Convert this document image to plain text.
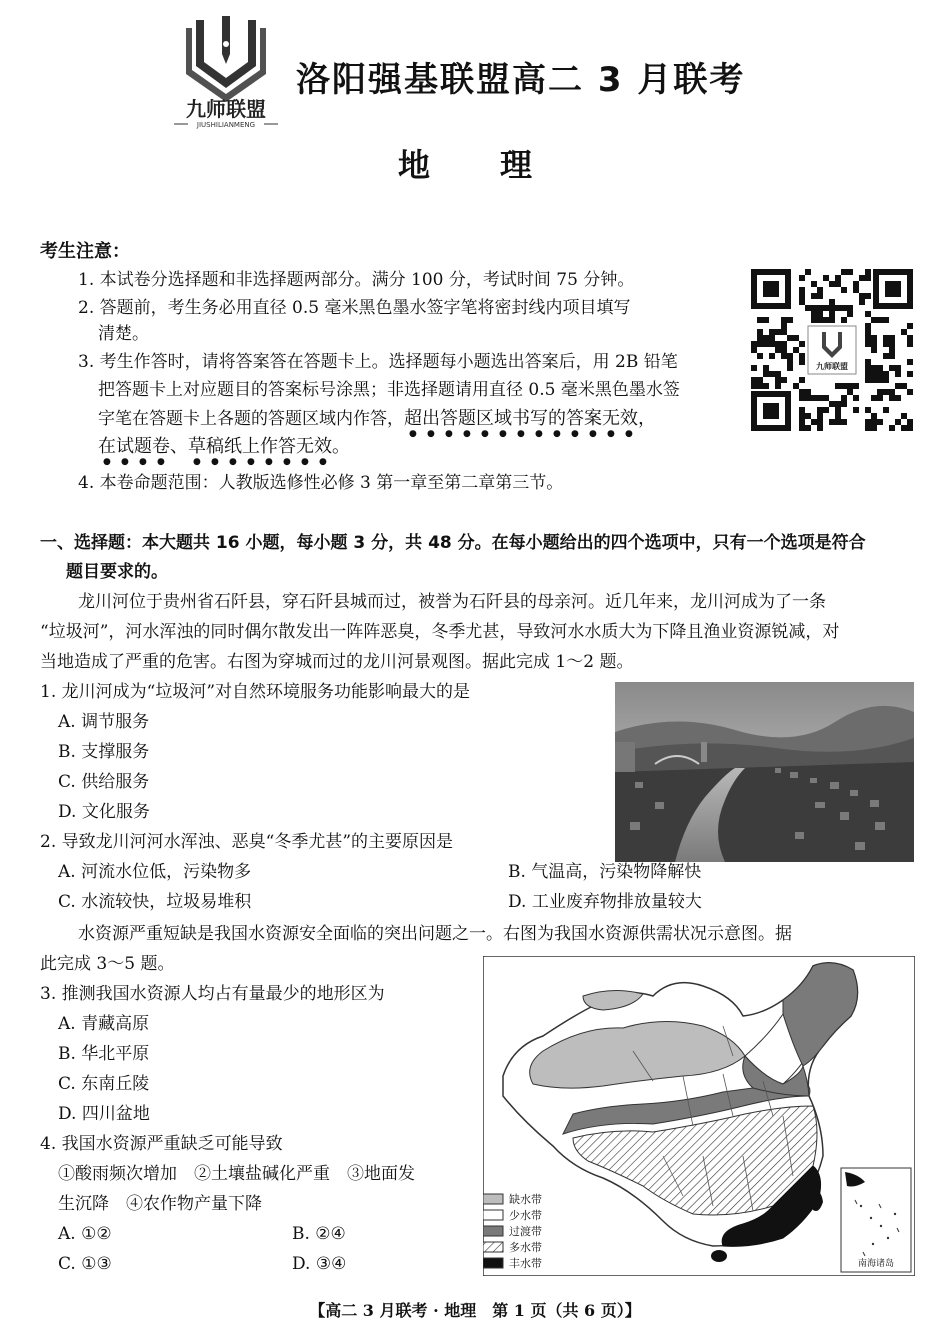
九师联盟
JIUSHILIANMENG
洛阳强基联盟高二 3 月联考
地　　理
考生注意：
1. 本试卷分选择题和非选择题两部分。满分 100 分，考试时间 75 分钟。
2. 答题前，考生务必用直径 0.5 毫米黑色墨水签字笔将密封线内项目填写
清楚。
3. 考生作答时，请将答案答在答题卡上。选择题每小题选出答案后，用 2B 铅笔
把答题卡上对应题目的答案标号涂黑；非选择题请用直径 0.5 毫米黑色墨水签
字笔在答题卡上各题的答题区域内作答，超出答题区域书写的答案无效，
在试题卷、草稿纸上作答无效。
4. 本卷命题范围：人教版选修性必修 3 第一章至第二章第三节。
九师联盟
一、选择题：本大题共 16 小题，每小题 3 分，共 48 分。在每小题给出的四个选项中，只有一个选项是符合
题目要求的。
龙川河位于贵州省石阡县，穿石阡县城而过，被誉为石阡县的母亲河。近几年来，龙川河成为了一条
“垃圾河”，河水浑浊的同时偶尔散发出一阵阵恶臭，冬季尤甚，导致河水水质大为下降且渔业资源锐减，对
当地造成了严重的危害。右图为穿城而过的龙川河景观图。据此完成 1～2 题。
1. 龙川河成为“垃圾河”对自然环境服务功能影响最大的是
A. 调节服务
B. 支撑服务
C. 供给服务
D. 文化服务
2. 导致龙川河河水浑浊、恶臭“冬季尤甚”的主要原因是
A. 河流水位低，污染物多	B. 气温高，污染物降解快
C. 水流较快，垃圾易堆积	D. 工业废弃物排放量较大
水资源严重短缺是我国水资源安全面临的突出问题之一。右图为我国水资源供需状况示意图。据
此完成 3～5 题。
3. 推测我国水资源人均占有量最少的地形区为
A. 青藏高原
B. 华北平原
C. 东南丘陵
D. 四川盆地
4. 我国水资源严重缺乏可能导致
①酸雨频次增加　②土壤盐碱化严重　③地面发
生沉降　④农作物产量下降
A. ①②	B. ②④
C. ①③	D. ③④	南海诸岛
缺水带
少水带
过渡带
多水带
丰水带
【高二 3 月联考 · 地理　第 1 页（共 6 页）】
